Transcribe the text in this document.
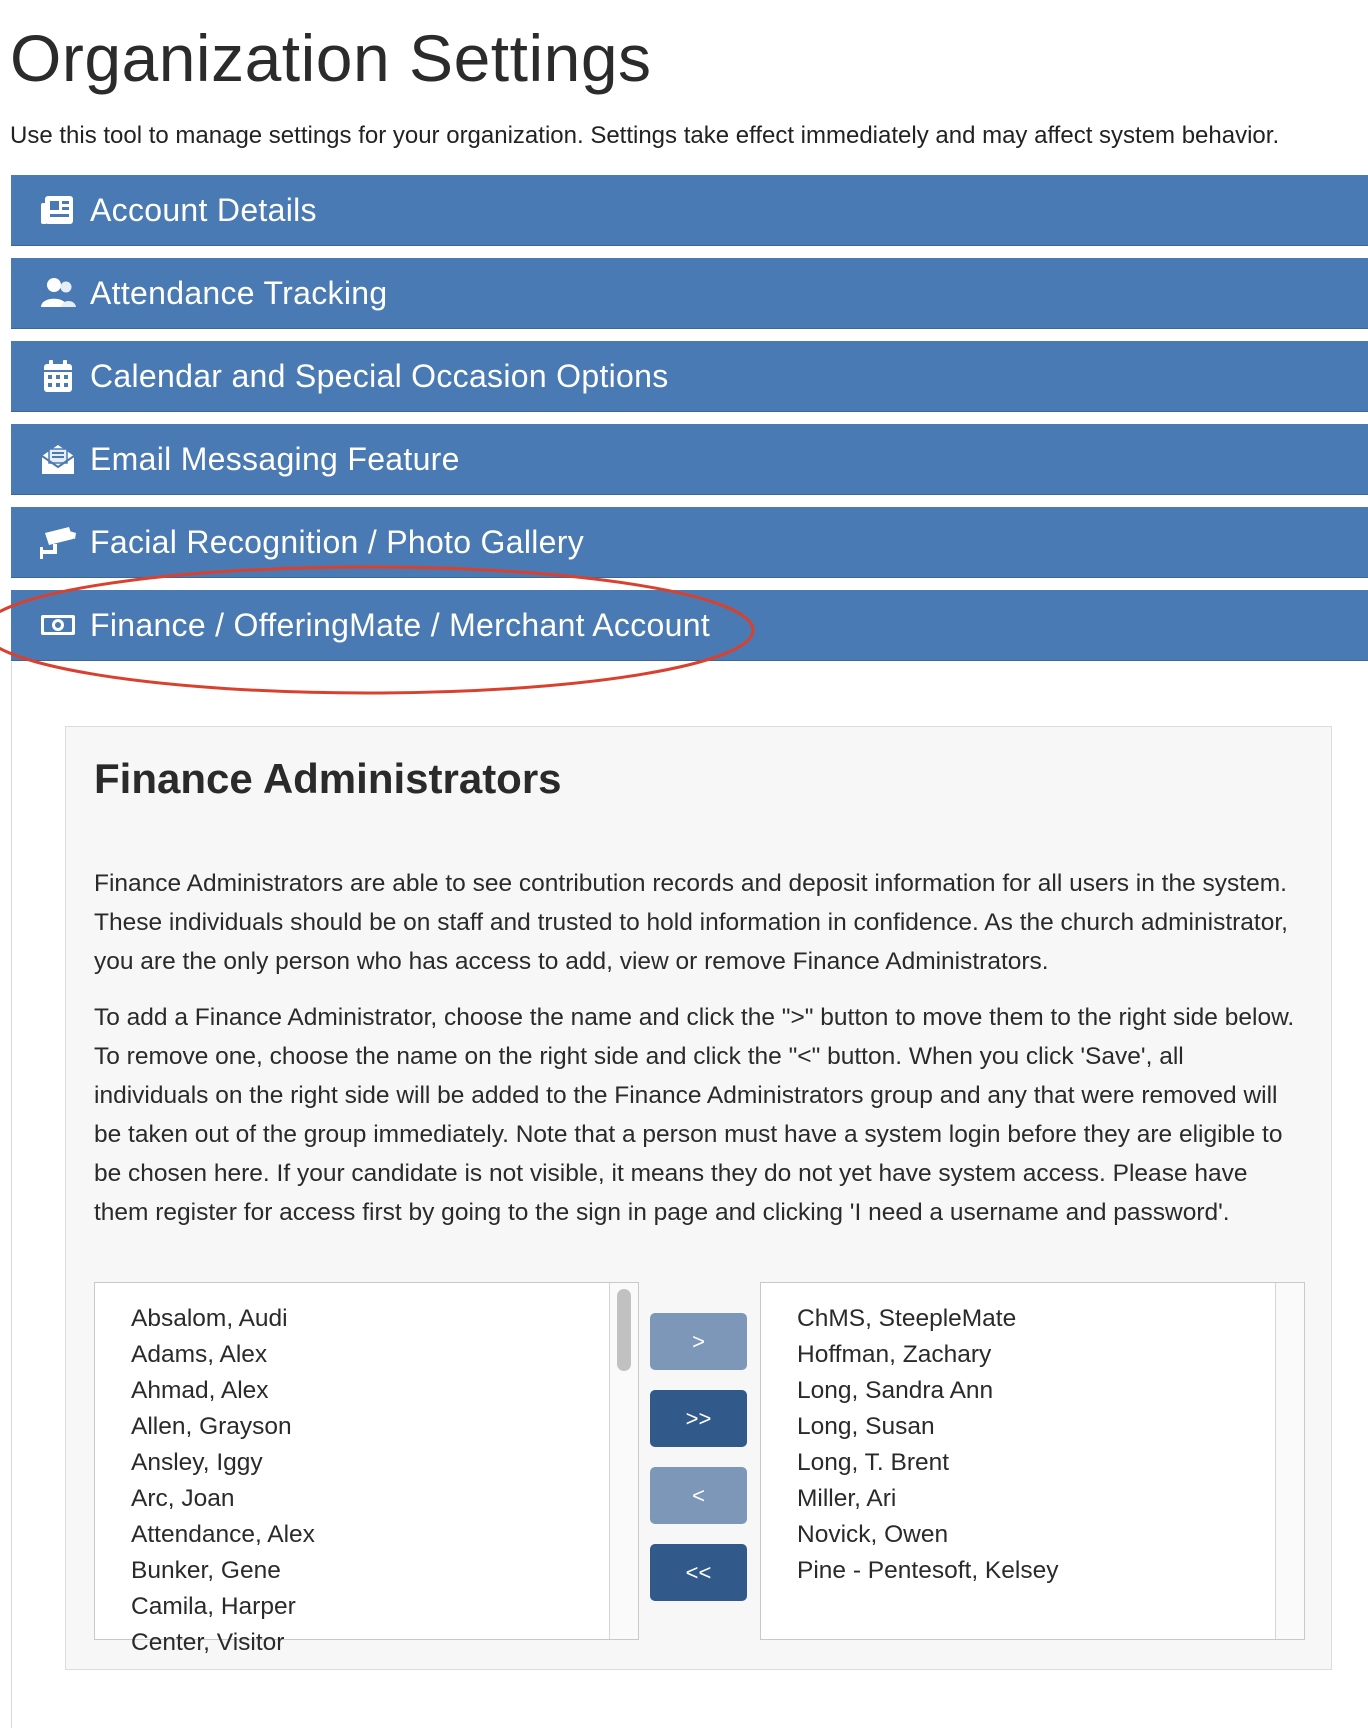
Organization Settings

Use this tool to manage settings for your organization. Settings take effect immediately and may affect system behavior.

Account Details
Attendance Tracking
Calendar and Special Occasion Options
Email Messaging Feature
Facial Recognition / Photo Gallery
Finance / OfferingMate / Merchant Account
Finance Administrators

Finance Administrators are able to see contribution records and deposit information for all users in the system. These individuals should be on staff and trusted to hold information in confidence. As the church administrator, you are the only person who has access to add, view or remove Finance Administrators.

To add a Finance Administrator, choose the name and click the ">" button to move them to the right side below. To remove one, choose the name on the right side and click the "<" button. When you click 'Save', all individuals on the right side will be added to the Finance Administrators group and any that were removed will be taken out of the group immediately. Note that a person must have a system login before they are eligible to be chosen here. If your candidate is not visible, it means they do not yet have system access. Please have them register for access first by going to the sign in page and clicking 'I need a username and password'.

Absalom, Audi
Adams, Alex
Ahmad, Alex
Allen, Grayson
Ansley, Iggy
Arc, Joan
Attendance, Alex
Bunker, Gene
Camila, Harper
Center, Visitor
>
>>
<
<<
ChMS, SteepleMate
Hoffman, Zachary
Long, Sandra Ann
Long, Susan
Long, T. Brent
Miller, Ari
Novick, Owen
Pine - Pentesoft, Kelsey
